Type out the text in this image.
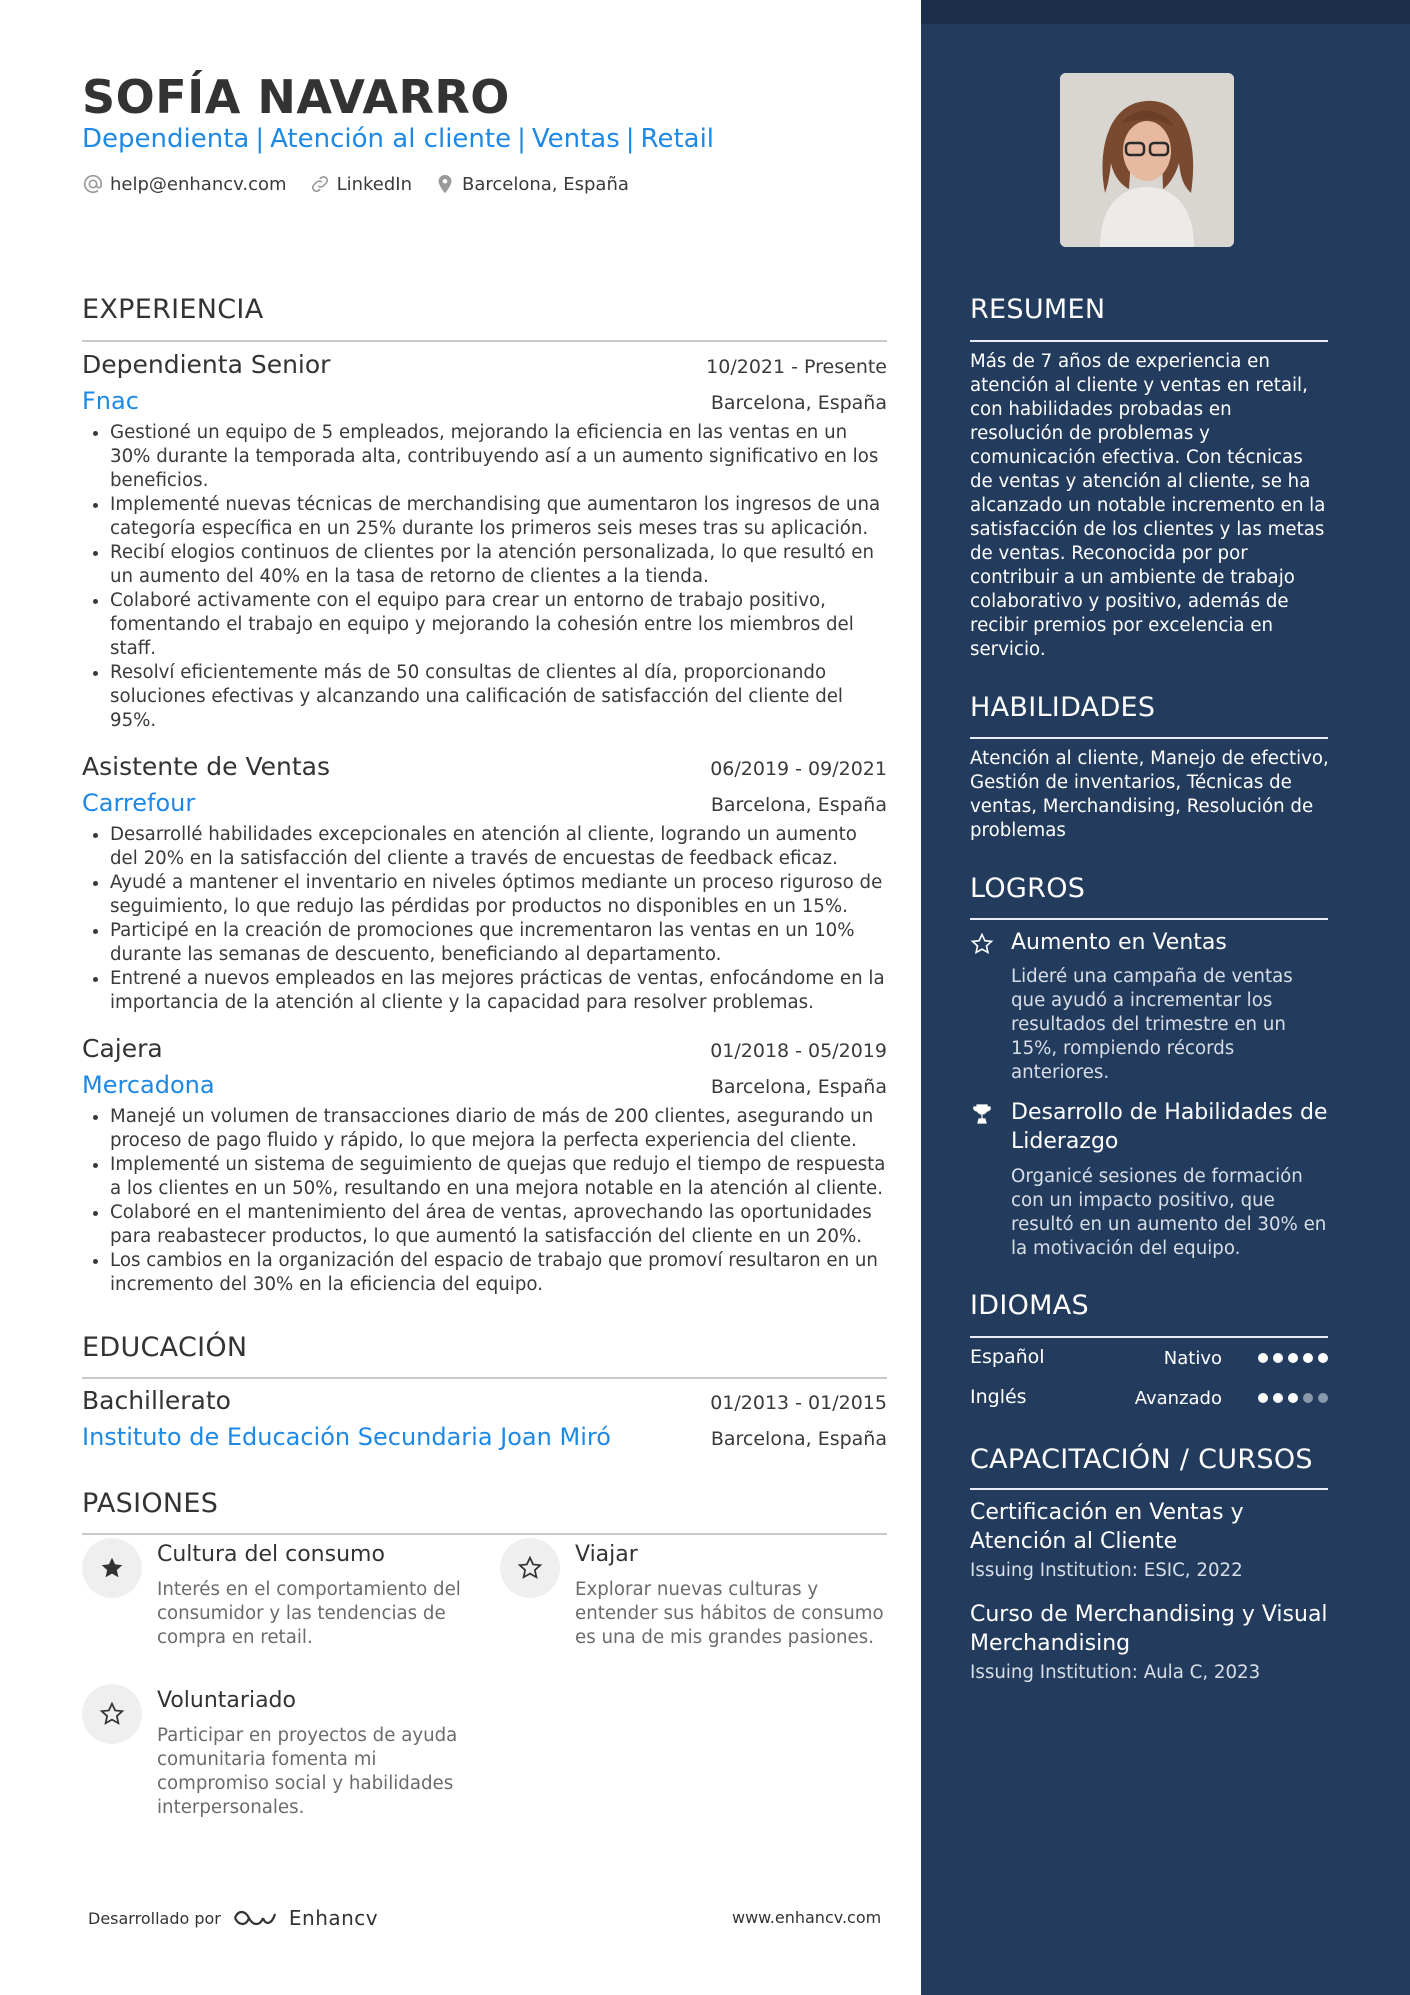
SOFÍA NAVARRO
Dependienta | Atención al cliente | Ventas | Retail
help@enhancv.com	LinkedIn	Barcelona, España
EXPERIENCIA
Dependienta Senior	10/2021 - Presente
Fnac	Barcelona, España
• Gestioné un equipo de 5 empleados, mejorando la eficiencia en las ventas en un 30% durante la temporada alta, contribuyendo así a un aumento significativo en los beneficios.
• Implementé nuevas técnicas de merchandising que aumentaron los ingresos de una categoría específica en un 25% durante los primeros seis meses tras su aplicación.
• Recibí elogios continuos de clientes por la atención personalizada, lo que resultó en un aumento del 40% en la tasa de retorno de clientes a la tienda.
• Colaboré activamente con el equipo para crear un entorno de trabajo positivo, fomentando el trabajo en equipo y mejorando la cohesión entre los miembros del staff.
• Resolví eficientemente más de 50 consultas de clientes al día, proporcionando soluciones efectivas y alcanzando una calificación de satisfacción del cliente del 95%.
Asistente de Ventas	06/2019 - 09/2021
Carrefour	Barcelona, España
• Desarrollé habilidades excepcionales en atención al cliente, logrando un aumento del 20% en la satisfacción del cliente a través de encuestas de feedback eficaz.
• Ayudé a mantener el inventario en niveles óptimos mediante un proceso riguroso de seguimiento, lo que redujo las pérdidas por productos no disponibles en un 15%.
• Participé en la creación de promociones que incrementaron las ventas en un 10% durante las semanas de descuento, beneficiando al departamento.
• Entrené a nuevos empleados en las mejores prácticas de ventas, enfocándome en la importancia de la atención al cliente y la capacidad para resolver problemas.
Cajera	01/2018 - 05/2019
Mercadona	Barcelona, España
• Manejé un volumen de transacciones diario de más de 200 clientes, asegurando un proceso de pago fluido y rápido, lo que mejora la perfecta experiencia del cliente.
• Implementé un sistema de seguimiento de quejas que redujo el tiempo de respuesta a los clientes en un 50%, resultando en una mejora notable en la atención al cliente.
• Colaboré en el mantenimiento del área de ventas, aprovechando las oportunidades para reabastecer productos, lo que aumentó la satisfacción del cliente en un 20%.
• Los cambios en la organización del espacio de trabajo que promoví resultaron en un incremento del 30% en la eficiencia del equipo.
EDUCACIÓN
Bachillerato	01/2013 - 01/2015
Instituto de Educación Secundaria Joan Miró	Barcelona, España
PASIONES
Cultura del consumo
Interés en el comportamiento del consumidor y las tendencias de compra en retail.
Viajar
Explorar nuevas culturas y entender sus hábitos de consumo es una de mis grandes pasiones.
Voluntariado
Participar en proyectos de ayuda comunitaria fomenta mi compromiso social y habilidades interpersonales.
Desarrollado por	Enhancv	www.enhancv.com
RESUMEN
Más de 7 años de experiencia en atención al cliente y ventas en retail, con habilidades probadas en resolución de problemas y comunicación efectiva. Con técnicas de ventas y atención al cliente, se ha alcanzado un notable incremento en la satisfacción de los clientes y las metas de ventas. Reconocida por por contribuir a un ambiente de trabajo colaborativo y positivo, además de recibir premios por excelencia en servicio.
HABILIDADES
Atención al cliente, Manejo de efectivo, Gestión de inventarios, Técnicas de ventas, Merchandising, Resolución de problemas
LOGROS
Aumento en Ventas
Lideré una campaña de ventas que ayudó a incrementar los resultados del trimestre en un 15%, rompiendo récords anteriores.
Desarrollo de Habilidades de Liderazgo
Organicé sesiones de formación con un impacto positivo, que resultó en un aumento del 30% en la motivación del equipo.
IDIOMAS
Español	Nativo
Inglés	Avanzado
CAPACITACIÓN / CURSOS
Certificación en Ventas y Atención al Cliente
Issuing Institution: ESIC, 2022
Curso de Merchandising y Visual Merchandising
Issuing Institution: Aula C, 2023
